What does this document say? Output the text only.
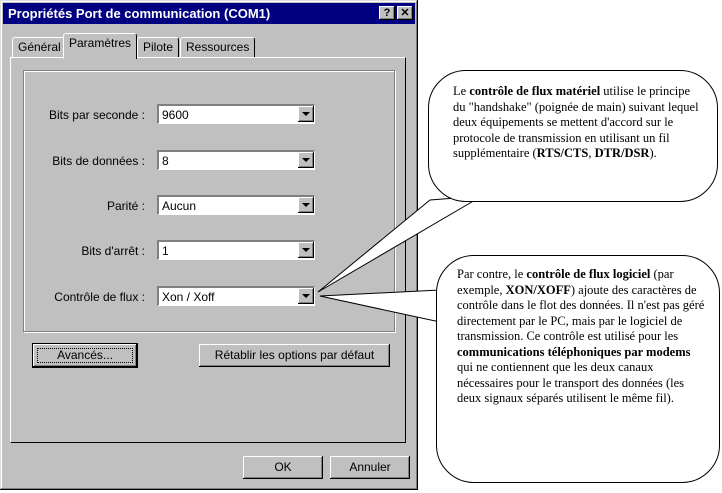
Propriétés Port de communication (COM1)	? ✕
Général Paramètres Pilote	Ressources
Bits par seconde : 9600
Bits de données : 8
Parité : Aucun
Bits d'arrêt : 1
Contrôle de flux : Xon / Xoff
Avancés...	Rétablir les options par défaut
OK	Annuler
Le contrôle de flux matériel utilise le principe du "handshake" (poignée de main) suivant lequel deux équipements se mettent d'accord sur le protocole de transmission en utilisant un fil supplémentaire (RTS/CTS, DTR/DSR).
Par contre, le contrôle de flux logiciel (par exemple, XON/XOFF) ajoute des caractères de contrôle dans le flot des données. Il n'est pas géré directement par le PC, mais par le logiciel de transmission. Ce contrôle est utilisé pour les communications téléphoniques par modems qui ne contiennent que les deux canaux nécessaires pour le transport des données (les deux signaux séparés utilisent le même fil).
